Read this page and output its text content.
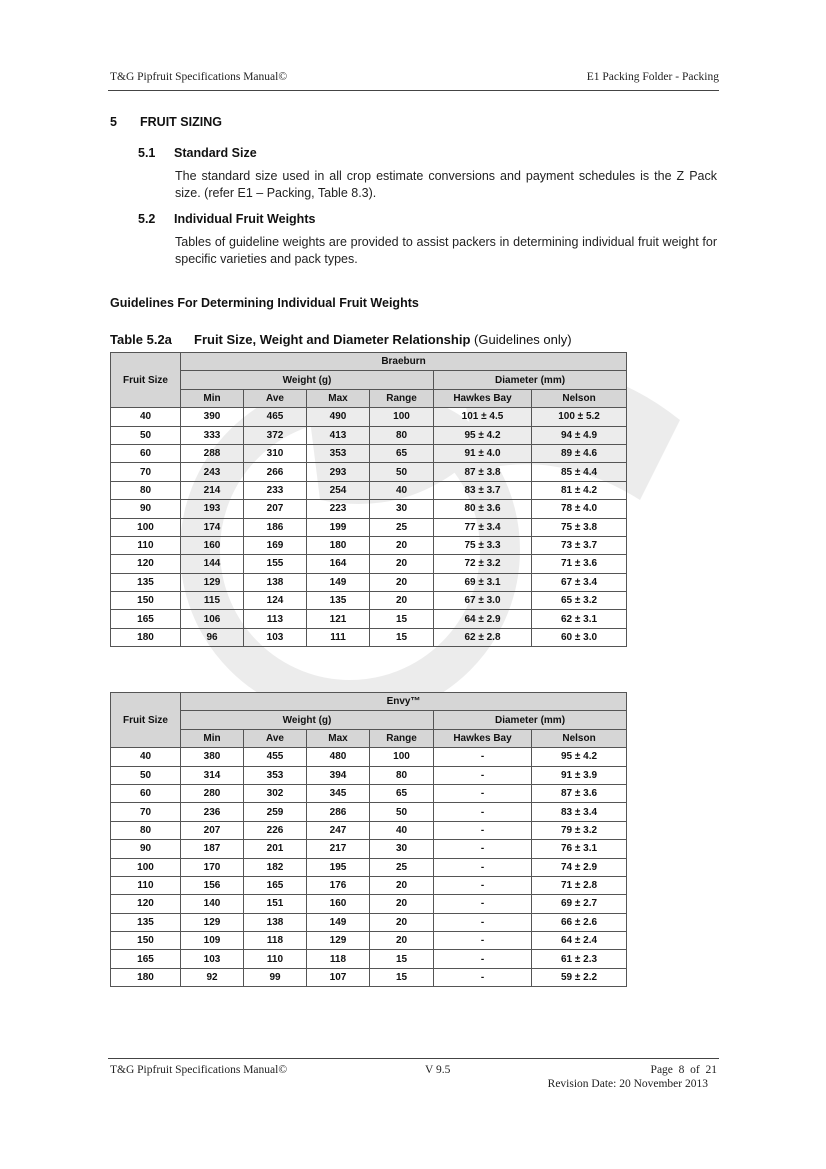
T&G Pipfruit Specifications Manual©	E1 Packing Folder - Packing
5 FRUIT SIZING
5.1 Standard Size
The standard size used in all crop estimate conversions and payment schedules is the Z Pack size. (refer E1 – Packing, Table 8.3).
5.2 Individual Fruit Weights
Tables of guideline weights are provided to assist packers in determining individual fruit weight for specific varieties and pack types.
Guidelines For Determining Individual Fruit Weights
Table 5.2a Fruit Size, Weight and Diameter Relationship (Guidelines only)
Fruit Size	Braeburn					
	Weight (g)				Diameter (mm)	
	Min	Ave	Max	Range		
					Hawkes Bay	Nelson
40	390	465	490	100	101 ± 4.5	100 ± 5.2
50	333	372	413	80	95 ± 4.2	94 ± 4.9
60	288	310	353	65	91 ± 4.0	89 ± 4.6
70	243	266	293	50	87 ± 3.8	85 ± 4.4
80	214	233	254	40	83 ± 3.7	81 ± 4.2
90	193	207	223	30	80 ± 3.6	78 ± 4.0
100	174	186	199	25	77 ± 3.4	75 ± 3.8
110	160	169	180	20	75 ± 3.3	73 ± 3.7
120	144	155	164	20	72 ± 3.2	71 ± 3.6
135	129	138	149	20	69 ± 3.1	67 ± 3.4
150	115	124	135	20	67 ± 3.0	65 ± 3.2
165	106	113	121	15	64 ± 2.9	62 ± 3.1
180	96	103	111	15	62 ± 2.8	60 ± 3.0
Fruit Size	Envy™					
	Weight (g)				Diameter (mm)	
	Min	Ave	Max	Range		
					Hawkes Bay	Nelson
40	380	455	480	100	-	95 ± 4.2
50	314	353	394	80	-	91 ± 3.9
60	280	302	345	65	-	87 ± 3.6
70	236	259	286	50	-	83 ± 3.4
80	207	226	247	40	-	79 ± 3.2
90	187	201	217	30	-	76 ± 3.1
100	170	182	195	25	-	74 ± 2.9
110	156	165	176	20	-	71 ± 2.8
120	140	151	160	20	-	69 ± 2.7
135	129	138	149	20	-	66 ± 2.6
150	109	118	129	20	-	64 ± 2.4
165	103	110	118	15	-	61 ± 2.3
180	92	99	107	15	-	59 ± 2.2
T&G Pipfruit Specifications Manual©	V 9.5	Page 8 of 21
Revision Date: 20 November 2013
